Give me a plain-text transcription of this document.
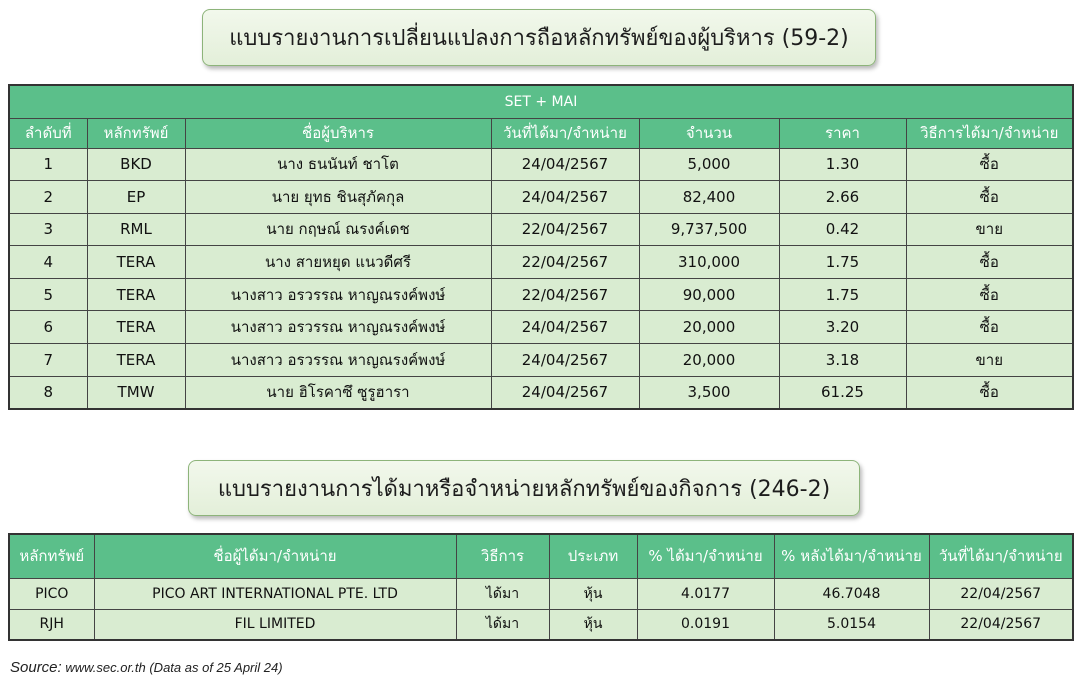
แบบรายงานการเปลี่ยนแปลงการถือหลักทรัพย์ของผู้บริหาร (59-2)
SET + MAI						
ลำดับที่	หลักทรัพย์	ชื่อผู้บริหาร	วันที่ได้มา/จำหน่าย	จำนวน	ราคา	วิธีการได้มา/จำหน่าย
1	BKD	นาง ธนนันท์ ชาโต	24/04/2567	5,000	1.30	ซื้อ
2	EP	นาย ยุทธ ชินสุภัคกุล	24/04/2567	82,400	2.66	ซื้อ
3	RML	นาย กฤษณ์ ณรงค์เดช	22/04/2567	9,737,500	0.42	ขาย
4	TERA	นาง สายหยุด แนวดีศรี	22/04/2567	310,000	1.75	ซื้อ
5	TERA	นางสาว อรวรรณ หาญณรงค์พงษ์	22/04/2567	90,000	1.75	ซื้อ
6	TERA	นางสาว อรวรรณ หาญณรงค์พงษ์	24/04/2567	20,000	3.20	ซื้อ
7	TERA	นางสาว อรวรรณ หาญณรงค์พงษ์	24/04/2567	20,000	3.18	ขาย
8	TMW	นาย ฮิโรคาซึ ซูรูฮารา	24/04/2567	3,500	61.25	ซื้อ
แบบรายงานการได้มาหรือจำหน่ายหลักทรัพย์ของกิจการ (246-2)
หลักทรัพย์	ชื่อผู้ได้มา/จำหน่าย	วิธีการ	ประเภท	% ได้มา/จำหน่าย	% หลังได้มา/จำหน่าย	วันที่ได้มา/จำหน่าย
PICO	PICO ART INTERNATIONAL PTE. LTD	ได้มา	หุ้น	4.0177	46.7048	22/04/2567
RJH	FIL LIMITED	ได้มา	หุ้น	0.0191	5.0154	22/04/2567
Source: www.sec.or.th (Data as of 25 April 24)
